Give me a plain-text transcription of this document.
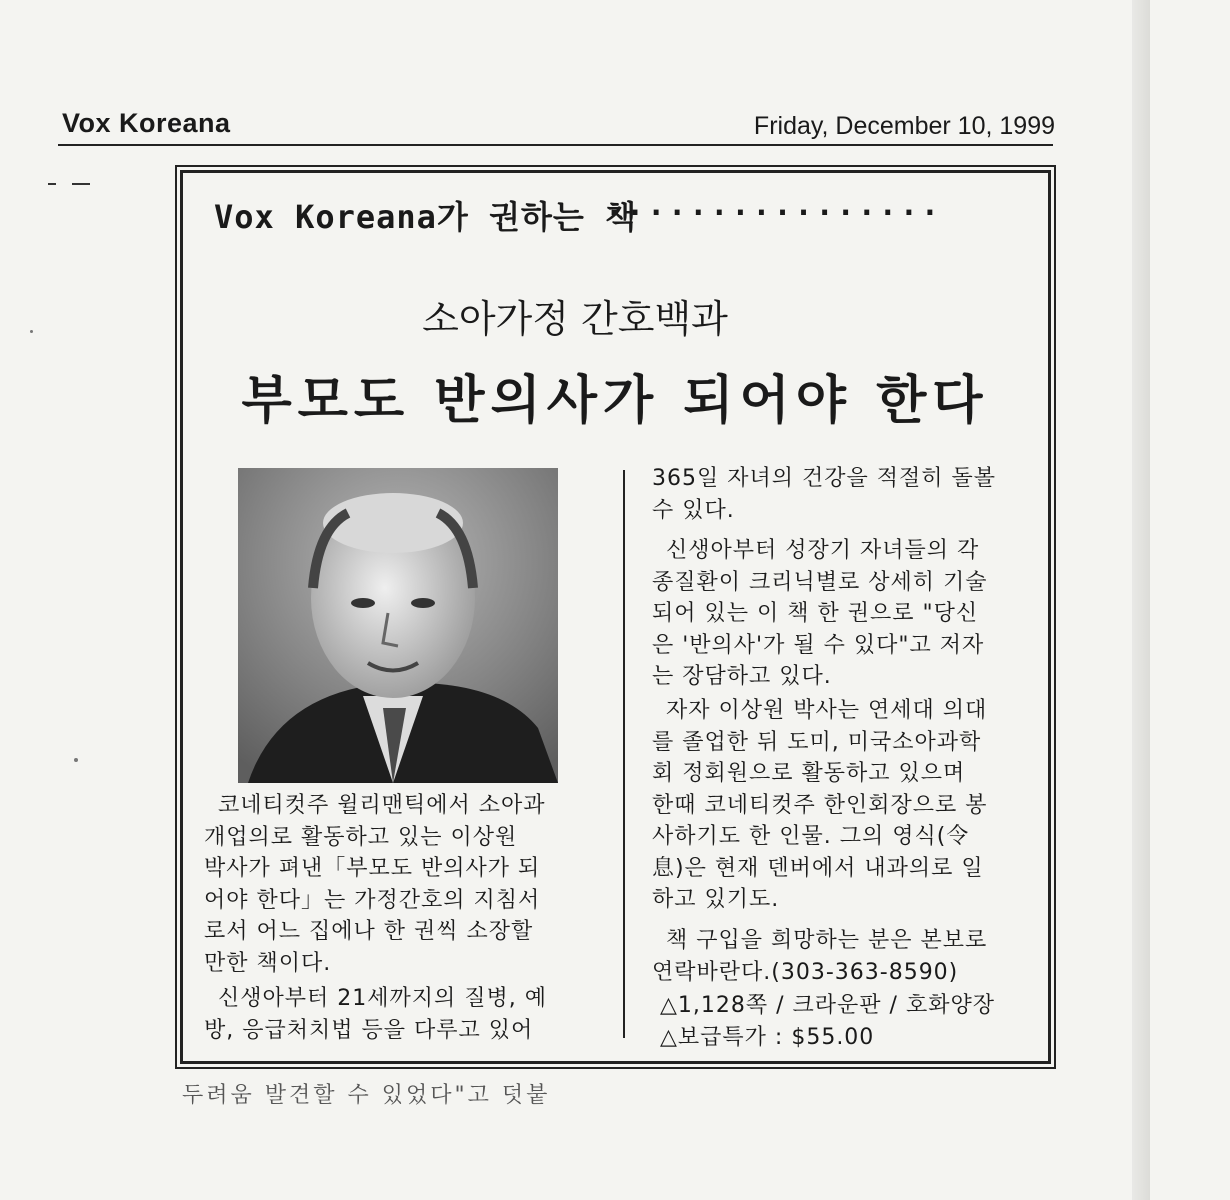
Vox Koreana	Friday, December 10, 1999
Vox Koreana가 권하는 책
................
소아가정 간호백과
부모도 반의사가 되어야 한다
코네티컷주 윌리맨틱에서 소아과
개업의로 활동하고 있는 이상원
박사가 펴낸「부모도 반의사가 되
어야 한다」는 가정간호의 지침서
로서 어느 집에나 한 권씩 소장할
만한 책이다.
신생아부터 21세까지의 질병, 예
방, 응급처치법 등을 다루고 있어
365일 자녀의 건강을 적절히 돌볼
수 있다.
신생아부터 성장기 자녀들의 각
종질환이 크리닉별로 상세히 기술
되어 있는 이 책 한 권으로 "당신
은 '반의사'가 될 수 있다"고 저자
는 장담하고 있다.
자자 이상원 박사는 연세대 의대
를 졸업한 뒤 도미, 미국소아과학
회 정회원으로 활동하고 있으며
한때 코네티컷주 한인회장으로 봉
사하기도 한 인물. 그의 영식(令
息)은 현재 덴버에서 내과의로 일
하고 있기도.
책 구입을 희망하는 분은 본보로
연락바란다.(303-363-8590)
△1,128쪽 / 크라운판 / 호화양장
△보급특가 : $55.00
두려움 발견할 수 있었다"고 덧붙
